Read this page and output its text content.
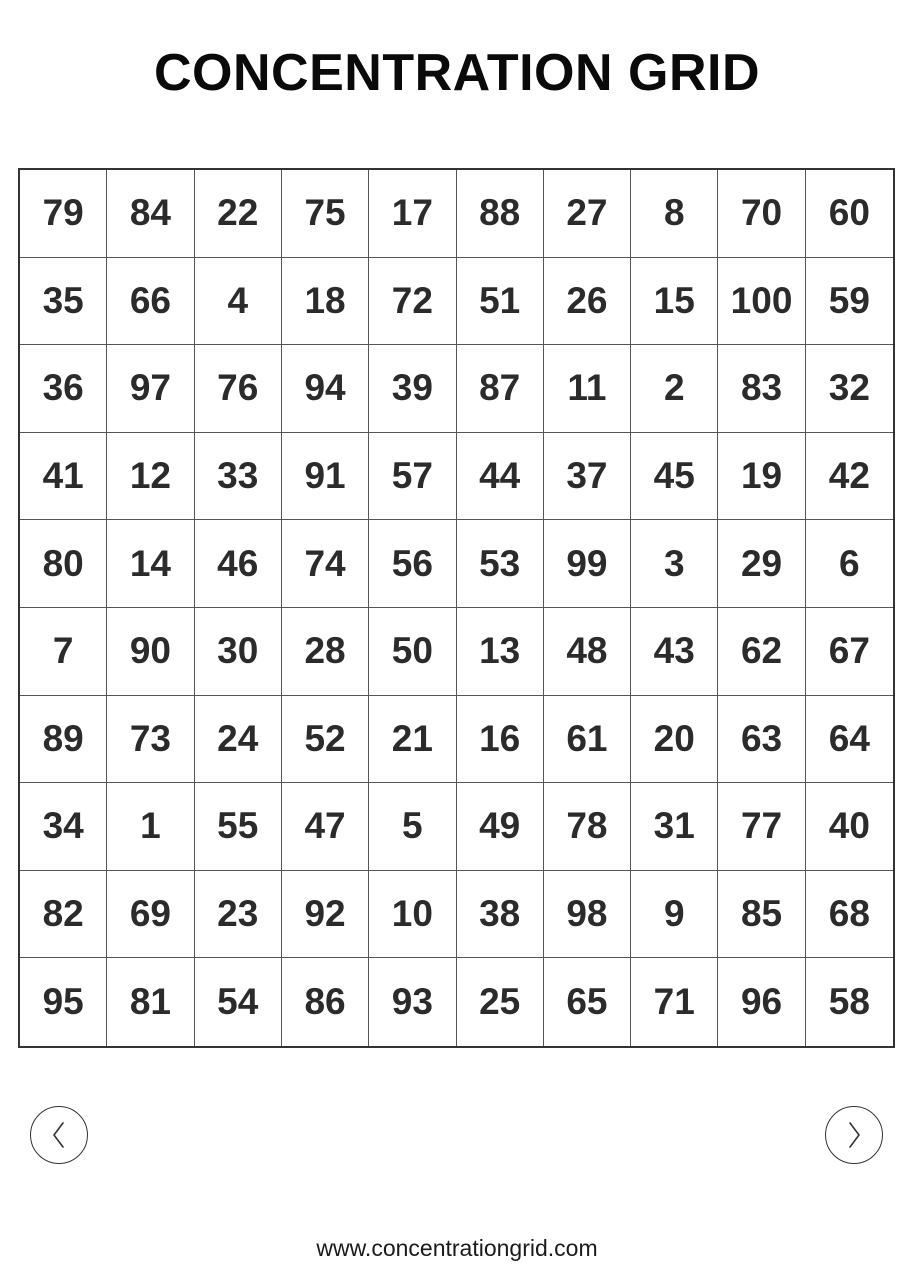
CONCENTRATION GRID
79	84	22	75	17	88	27	8	70	60
35	66	4	18	72	51	26	15 100 59
36	97	76	94	39	87	11	2	83	32
41	12	33	91	57	44	37	45	19	42
80	14	46	74	56	53	99	3	29	6
7	90	30	28	50	13	48	43	62	67
89	73	24	52	21	16	61	20	63	64
34	1	55	47	5	49	78	31	77	40
82	69	23	92	10	38	98	9	85	68
95	81	54	86	93	25	65	71	96	58
www.concentrationgrid.com
